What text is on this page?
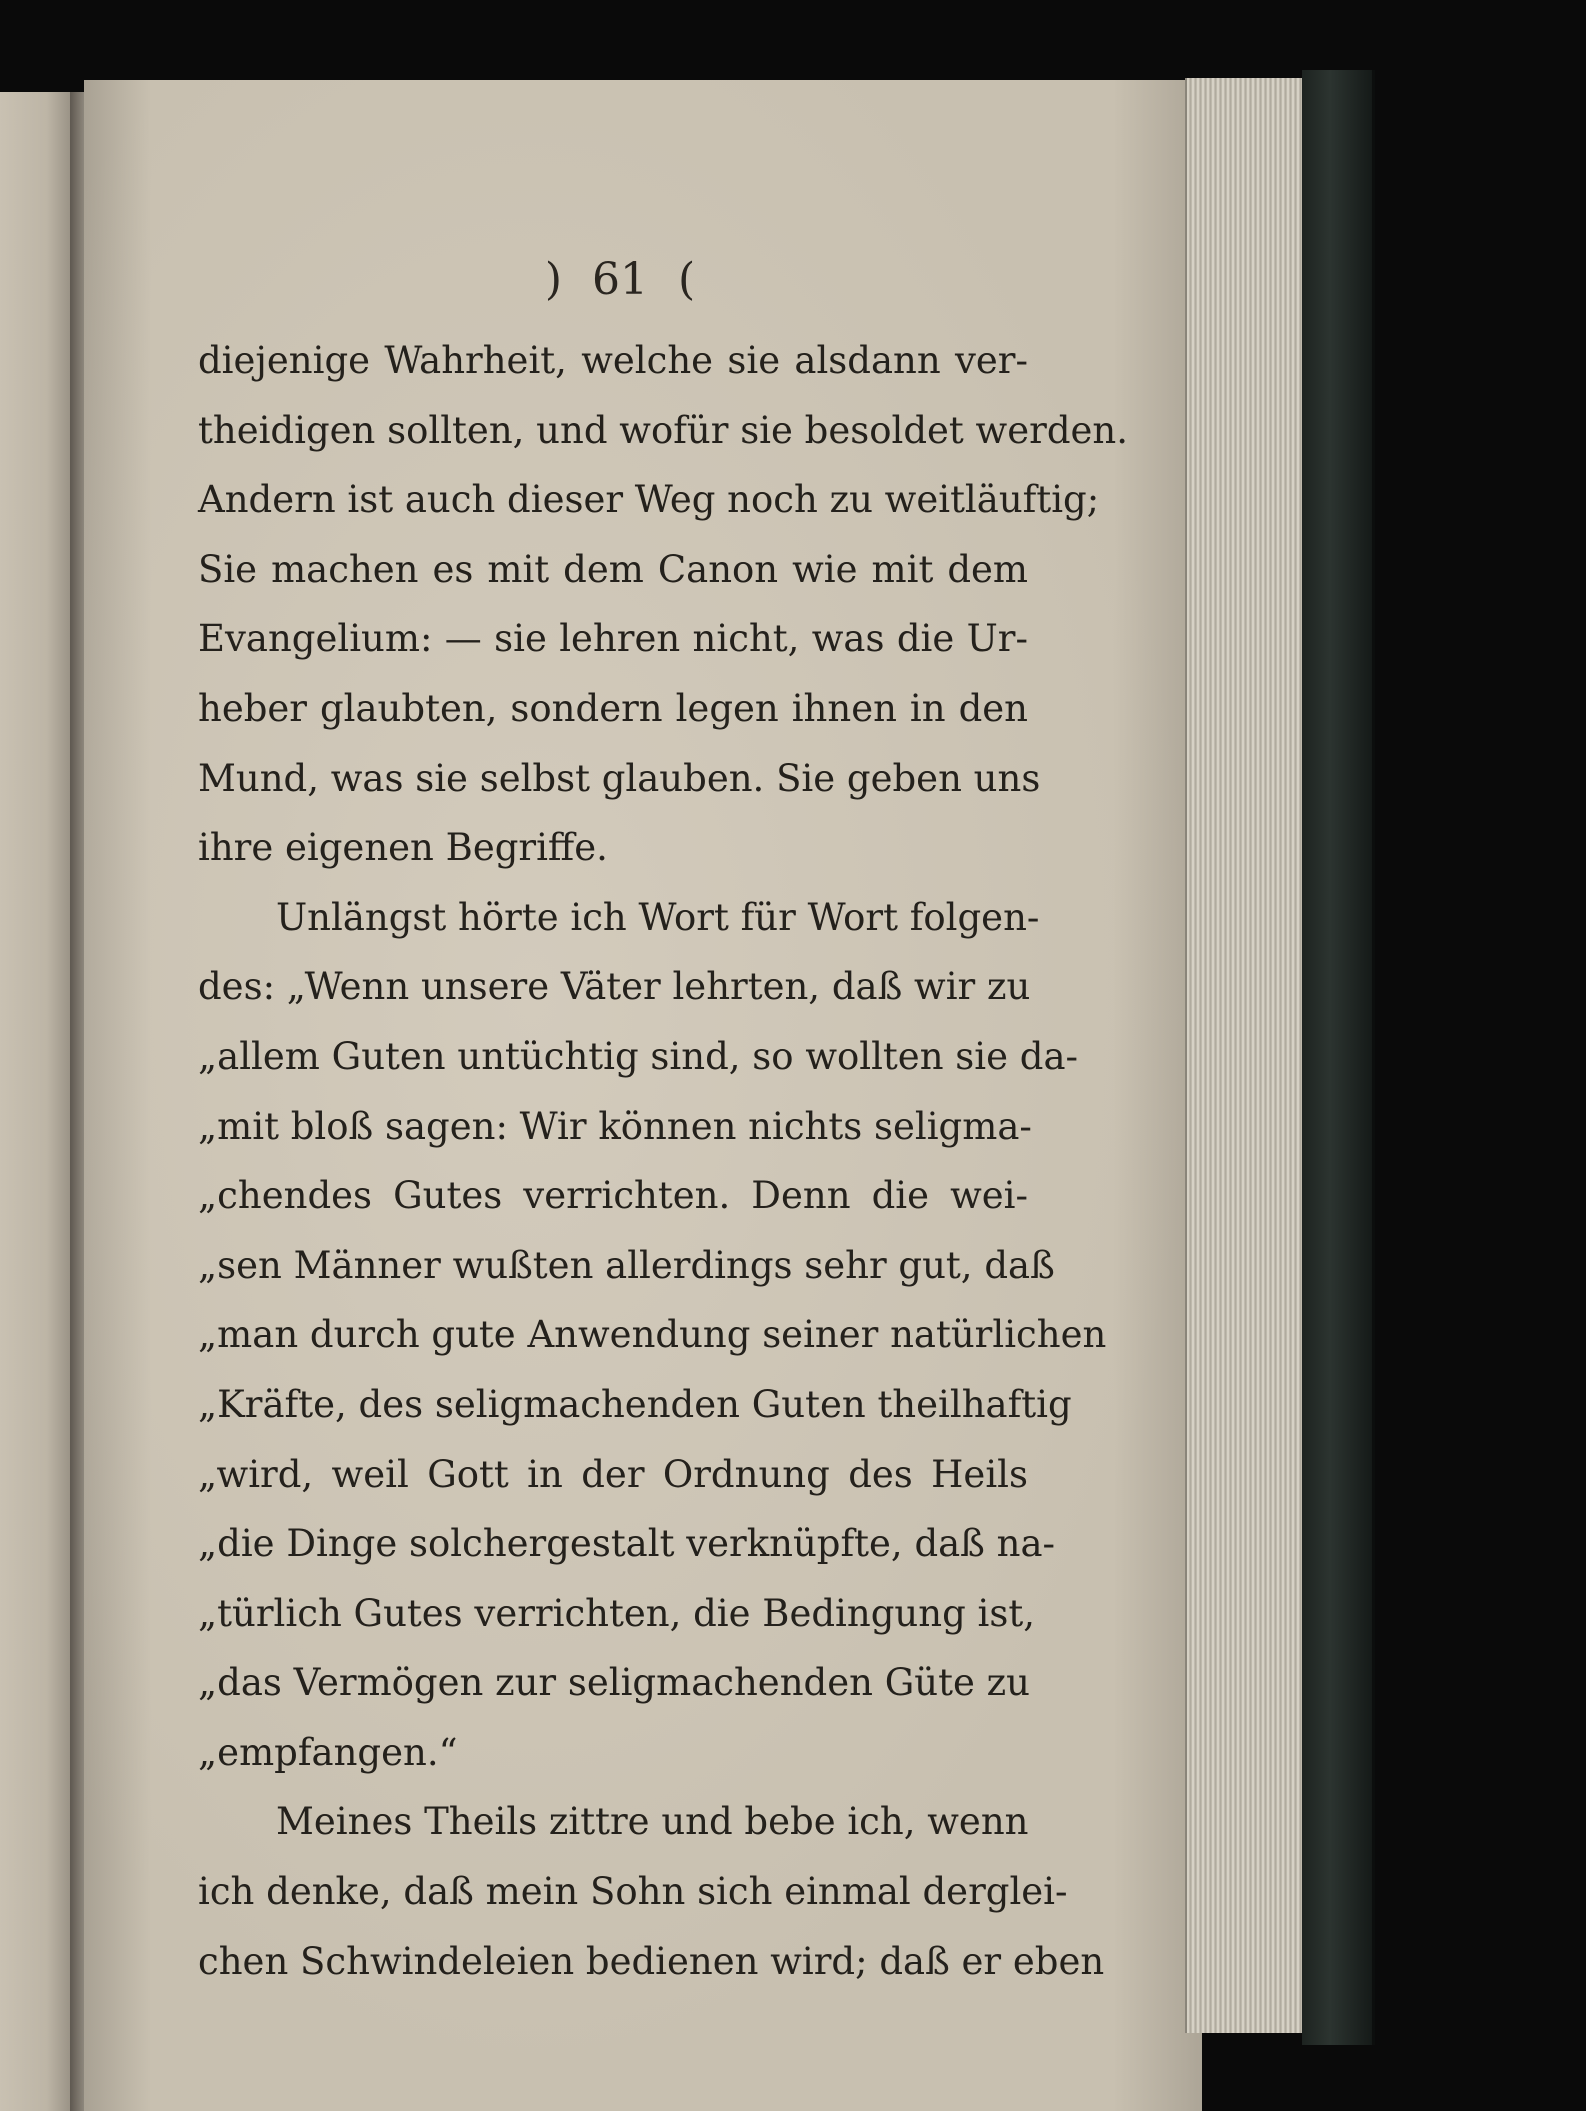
) 61 (
diejenige Wahrheit, welche sie alsdann ver-
theidigen sollten, und wofür sie besoldet werden.
Andern ist auch dieser Weg noch zu weitläuftig;
Sie machen es mit dem Canon wie mit dem
Evangelium: — sie lehren nicht, was die Ur-
heber glaubten, sondern legen ihnen in den
Mund, was sie selbst glauben. Sie geben uns
ihre eigenen Begriffe.
Unlängst hörte ich Wort für Wort folgen-
des: „Wenn unsere Väter lehrten, daß wir zu
„allem Guten untüchtig sind, so wollten sie da-
„mit bloß sagen: Wir können nichts seligma-
„chendes Gutes verrichten. Denn die wei-
„sen Männer wußten allerdings sehr gut, daß
„man durch gute Anwendung seiner natürlichen
„Kräfte, des seligmachenden Guten theilhaftig
„wird, weil Gott in der Ordnung des Heils
„die Dinge solchergestalt verknüpfte, daß na-
„türlich Gutes verrichten, die Bedingung ist,
„das Vermögen zur seligmachenden Güte zu
„empfangen.“
Meines Theils zittre und bebe ich, wenn
ich denke, daß mein Sohn sich einmal derglei-
chen Schwindeleien bedienen wird; daß er eben
